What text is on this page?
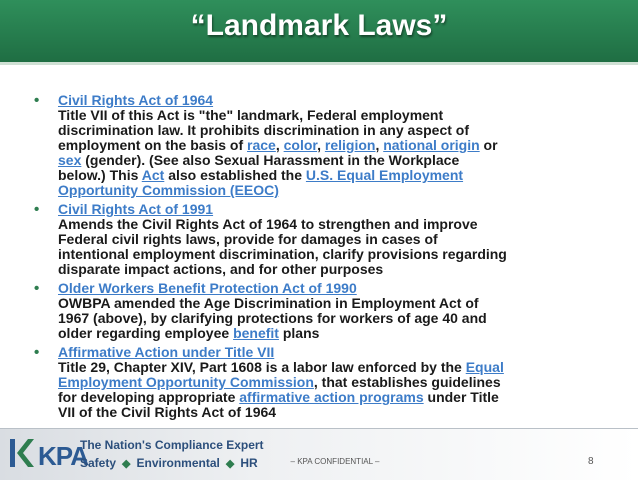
“Landmark Laws”
• Civil Rights Act of 1964
Title VII of this Act is "the" landmark, Federal employment
discrimination law. It prohibits discrimination in any aspect of
employment on the basis of race, color, religion, national origin or
sex (gender). (See also Sexual Harassment in the Workplace
below.) This Act also established the U.S. Equal Employment
Opportunity Commission (EEOC)
• Civil Rights Act of 1991
Amends the Civil Rights Act of 1964 to strengthen and improve
Federal civil rights laws, provide for damages in cases of
intentional employment discrimination, clarify provisions regarding
disparate impact actions, and for other purposes
• Older Workers Benefit Protection Act of 1990
OWBPA amended the Age Discrimination in Employment Act of
1967 (above), by clarifying protections for workers of age 40 and
older regarding employee benefit plans
• Affirmative Action under Title VII
Title 29, Chapter XIV, Part 1608 is a labor law enforced by the Equal
Employment Opportunity Commission, that establishes guidelines
for developing appropriate affirmative action programs under Title
VII of the Civil Rights Act of 1964
KPA
The Nation's Compliance Expert
Safety ◆ Environmental ◆ HR	– KPA CONFIDENTIAL –	8
